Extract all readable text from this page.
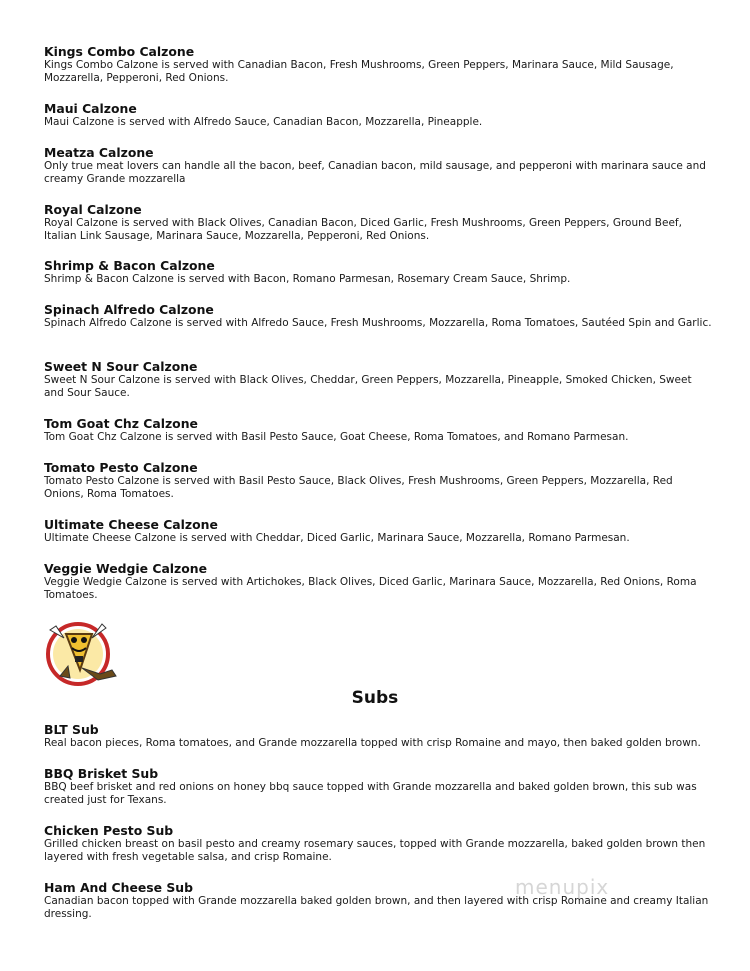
Kings Combo Calzone

Kings Combo Calzone is served with Canadian Bacon, Fresh Mushrooms, Green Peppers, Marinara Sauce, Mild Sausage, Mozzarella, Pepperoni, Red Onions.

Maui Calzone

Maui Calzone is served with Alfredo Sauce, Canadian Bacon, Mozzarella, Pineapple.

Meatza Calzone

Only true meat lovers can handle all the bacon, beef, Canadian bacon, mild sausage, and pepperoni with marinara sauce and creamy Grande mozzarella

Royal Calzone

Royal Calzone is served with Black Olives, Canadian Bacon, Diced Garlic, Fresh Mushrooms, Green Peppers, Ground Beef, Italian Link Sausage, Marinara Sauce, Mozzarella, Pepperoni, Red Onions.

Shrimp & Bacon Calzone

Shrimp & Bacon Calzone is served with Bacon, Romano Parmesan, Rosemary Cream Sauce, Shrimp.

Spinach Alfredo Calzone

Spinach Alfredo Calzone is served with Alfredo Sauce, Fresh Mushrooms, Mozzarella, Roma Tomatoes, Sautéed Spin and Garlic.

Sweet N Sour Calzone

Sweet N Sour Calzone is served with Black Olives, Cheddar, Green Peppers, Mozzarella, Pineapple, Smoked Chicken, Sweet and Sour Sauce.

Tom Goat Chz Calzone

Tom Goat Chz Calzone is served with Basil Pesto Sauce, Goat Cheese, Roma Tomatoes, and Romano Parmesan.

Tomato Pesto Calzone

Tomato Pesto Calzone is served with Basil Pesto Sauce, Black Olives, Fresh Mushrooms, Green Peppers, Mozzarella, Red Onions, Roma Tomatoes.

Ultimate Cheese Calzone

Ultimate Cheese Calzone is served with Cheddar, Diced Garlic, Marinara Sauce, Mozzarella, Romano Parmesan.

Veggie Wedgie Calzone

Veggie Wedgie Calzone is served with Artichokes, Black Olives, Diced Garlic, Marinara Sauce, Mozzarella, Red Onions, Roma Tomatoes.

Subs
BLT Sub

Real bacon pieces, Roma tomatoes, and Grande mozzarella topped with crisp Romaine and mayo, then baked golden brown.

BBQ Brisket Sub

BBQ beef brisket and red onions on honey bbq sauce topped with Grande mozzarella and baked golden brown, this sub was created just for Texans.

Chicken Pesto Sub

Grilled chicken breast on basil pesto and creamy rosemary sauces, topped with Grande mozzarella, baked golden brown then layered with fresh vegetable salsa, and crisp Romaine.

Ham And Cheese Sub

Canadian bacon topped with Grande mozzarella baked golden brown, and then layered with crisp Romaine and creamy Italian dressing.

menupix
